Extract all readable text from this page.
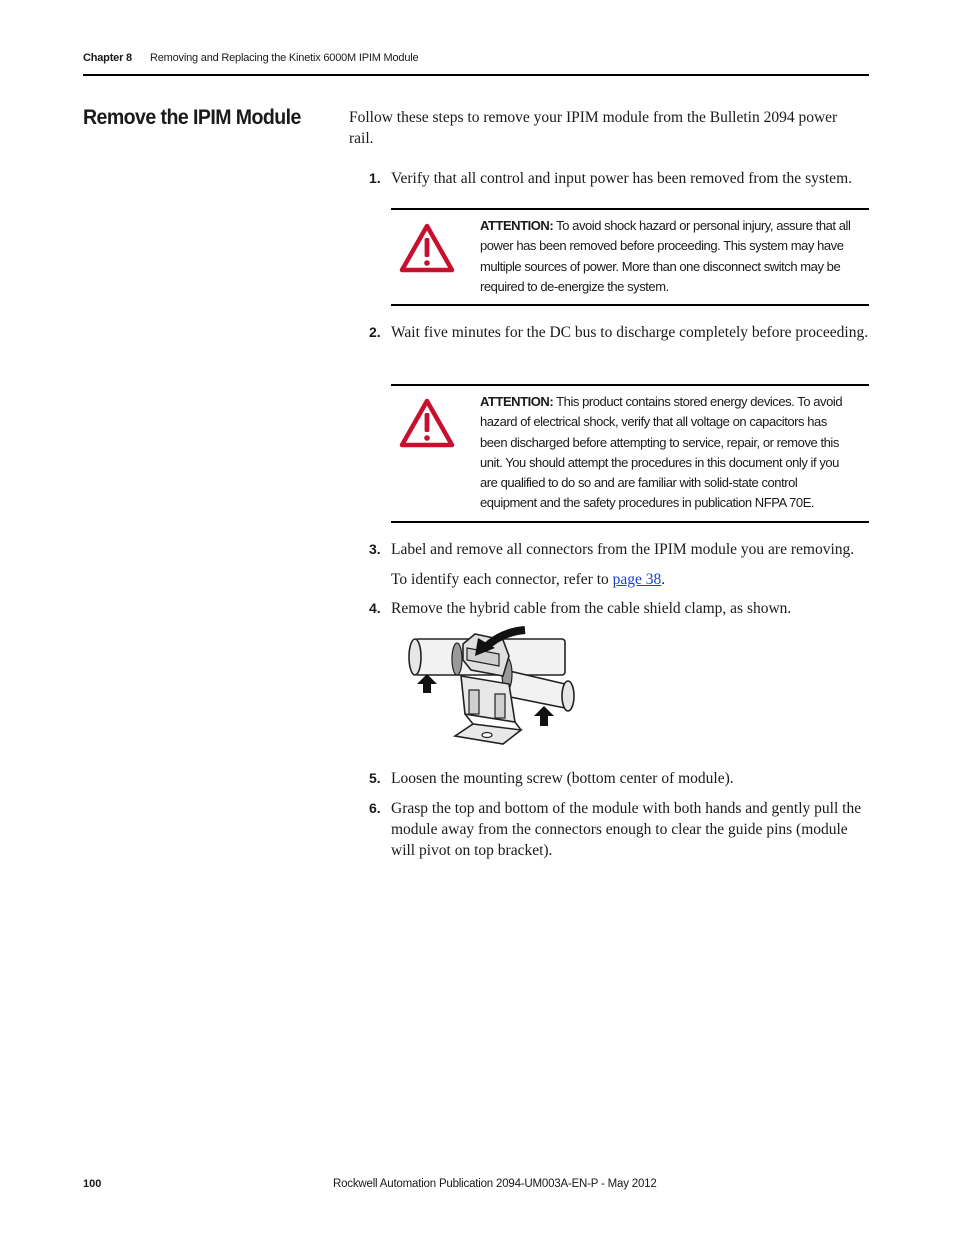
Chapter 8 Removing and Replacing the Kinetix 6000M IPIM Module
Remove the IPIM Module	Follow these steps to remove your IPIM module from the Bulletin 2094 power rail.

1. Verify that all control and input power has been removed from the system.
ATTENTION: To avoid shock hazard or personal injury, assure that all power has been removed before proceeding. This system may have multiple sources of power. More than one disconnect switch may be required to de-energize the system.
2. Wait five minutes for the DC bus to discharge completely before proceeding.
ATTENTION: This product contains stored energy devices. To avoid hazard of electrical shock, verify that all voltage on capacitors has been discharged before attempting to service, repair, or remove this unit. You should attempt the procedures in this document only if you are qualified to do so and are familiar with solid-state control equipment and the safety procedures in publication NFPA 70E.
3. Label and remove all connectors from the IPIM module you are removing.

To identify each connector, refer to page 38.

4. Remove the hybrid cable from the cable shield clamp, as shown.
5. Loosen the mounting screw (bottom center of module).
6. Grasp the top and bottom of the module with both hands and gently pull the module away from the connectors enough to clear the guide pins (module will pivot on top bracket).
100	Rockwell Automation Publication 2094-UM003A-EN-P - May 2012
